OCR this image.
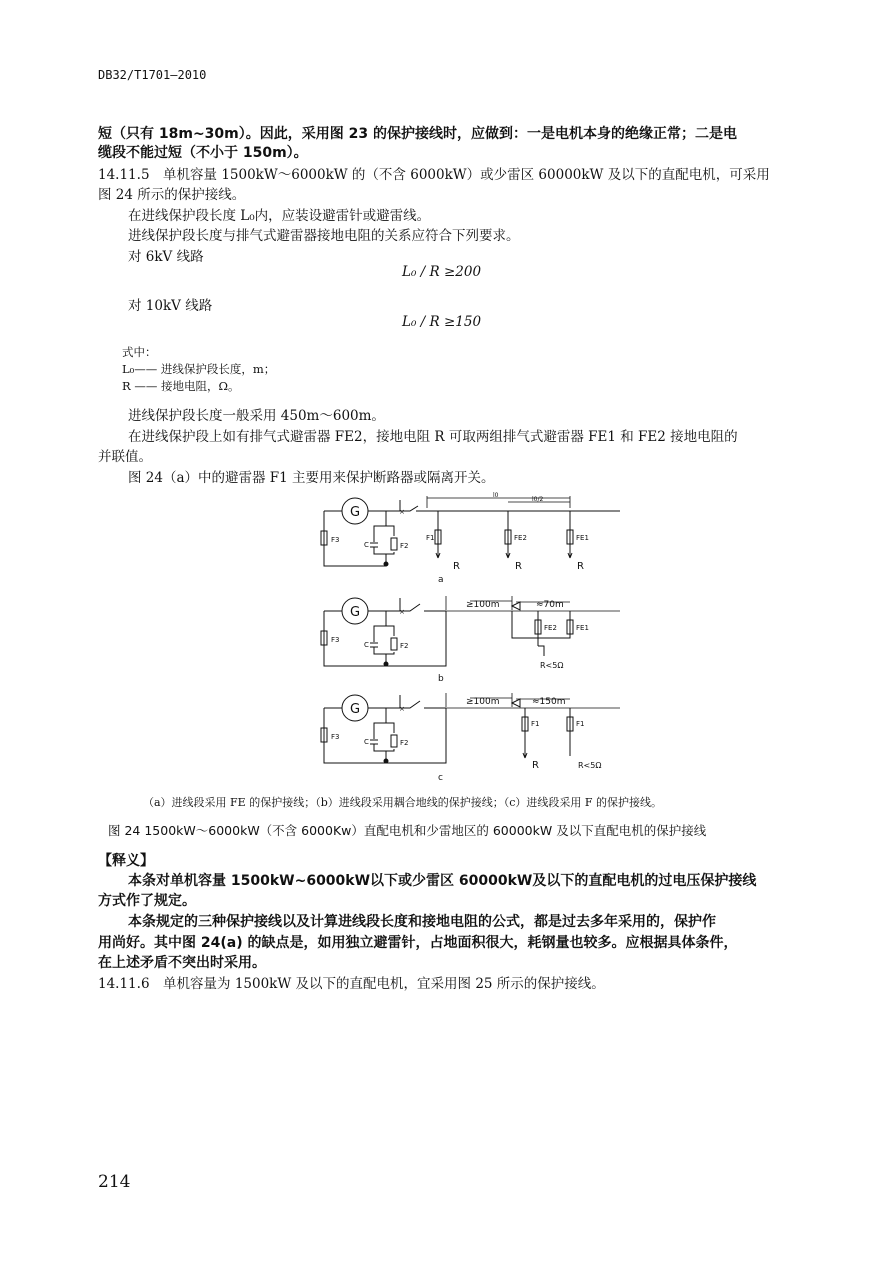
DB32/T1701—2010
短（只有 18m~30m）。因此，采用图 23 的保护接线时，应做到：一是电机本身的绝缘正常；二是电
缆段不能过短（不小于 150m）。
14.11.5　单机容量 1500kW～6000kW 的（不含 6000kW）或少雷区 60000kW 及以下的直配电机，可采用
图 24 所示的保护接线。
在进线保护段长度 L₀内，应装设避雷针或避雷线。
进线保护段长度与排气式避雷器接地电阻的关系应符合下列要求。
对 6kV 线路
L₀ / R ≥200
对 10kV 线路
L₀ / R ≥150
式中：
L₀—— 进线保护段长度，m；
R —— 接地电阻，Ω。
进线保护段长度一般采用 450m～600m。
在进线保护段上如有排气式避雷器 FE2，接地电阻 R 可取两组排气式避雷器 FE1 和 FE2 接地电阻的
并联值。
图 24（a）中的避雷器 F1 主要用来保护断路器或隔离开关。
G
F3
C	F2
×
F1	FE2	FE1
R	R	R
l0
l0/2
a
G
F3
C	F2
×
≥100m
FE2	FE1
≈70m
R<5Ω
b
G
F3
C	F2
×
≥100m	≈150m
F1	F1
R	R<5Ω
c
（a）进线段采用 FE 的保护接线；（b）进线段采用耦合地线的保护接线；（c）进线段采用 F 的保护接线。
图 24 1500kW～6000kW（不含 6000Kw）直配电机和少雷地区的 60000kW 及以下直配电机的保护接线
【释义】
本条对单机容量 1500kW~6000kW以下或少雷区 60000kW及以下的直配电机的过电压保护接线
方式作了规定。
本条规定的三种保护接线以及计算进线段长度和接地电阻的公式，都是过去多年采用的，保护作
用尚好。其中图 24(a) 的缺点是，如用独立避雷针，占地面积很大，耗钢量也较多。应根据具体条件，
在上述矛盾不突出时采用。
14.11.6　单机容量为 1500kW 及以下的直配电机，宜采用图 25 所示的保护接线。
214
